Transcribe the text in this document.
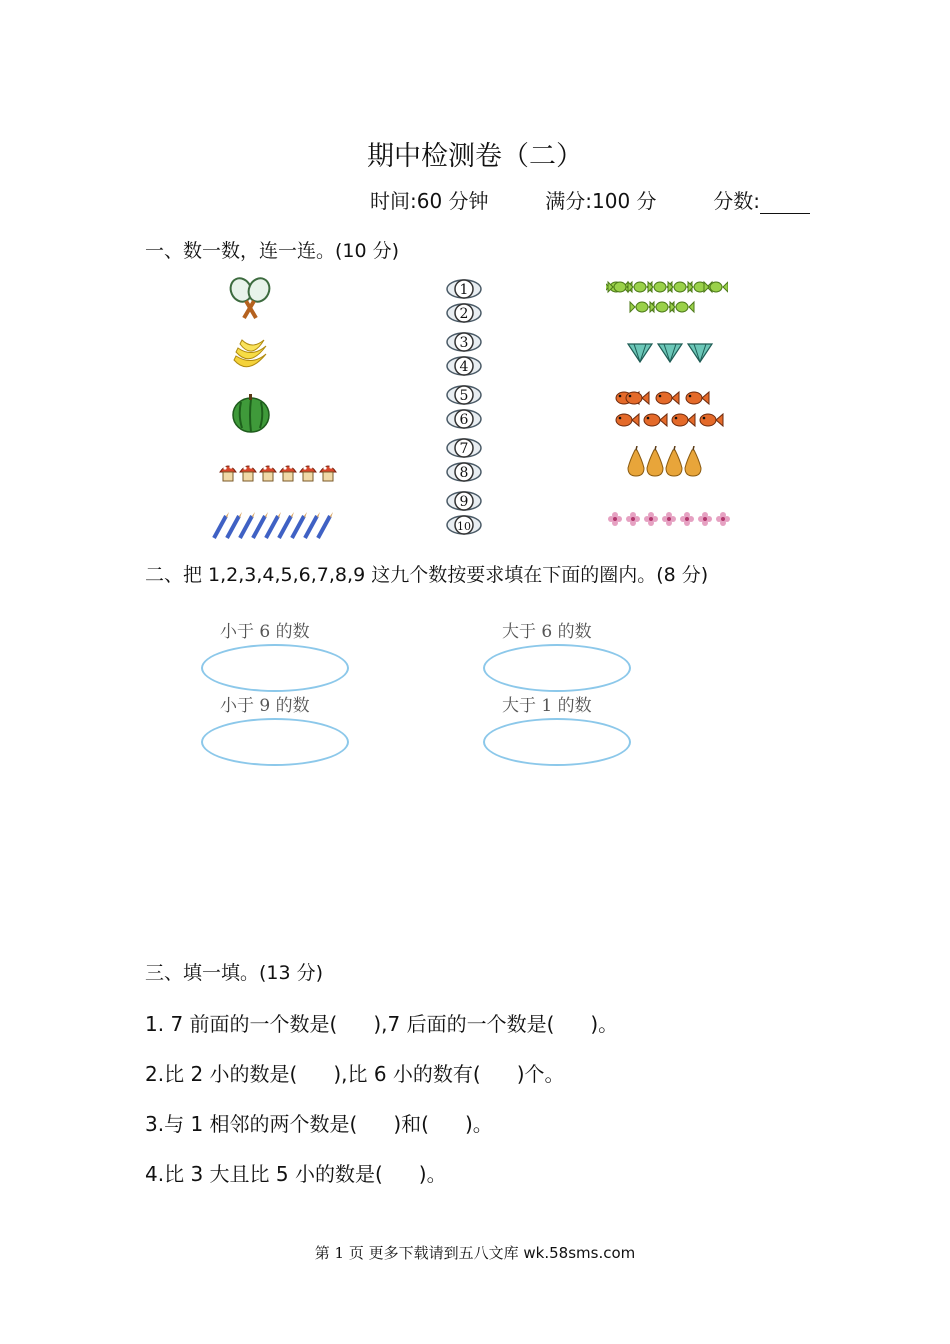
期中检测卷（二）
时间:60 分钟	满分:100 分	分数:
一、数一数，连一连。(10 分)
1
2
3
4
5
6
7
8
9
10
二、把 1,2,3,4,5,6,7,8,9 这九个数按要求填在下面的圈内。(8 分)
小于 6 的数	大于 6 的数
小于 9 的数	大于 1 的数
三、填一填。(13 分)
1. 7 前面的一个数是( ),7 后面的一个数是( )。
2.比 2 小的数是( ),比 6 小的数有( )个。
3.与 1 相邻的两个数是( )和( )。
4.比 3 大且比 5 小的数是( )。
第 1 页 更多下载请到五八文库 wk.58sms.com
